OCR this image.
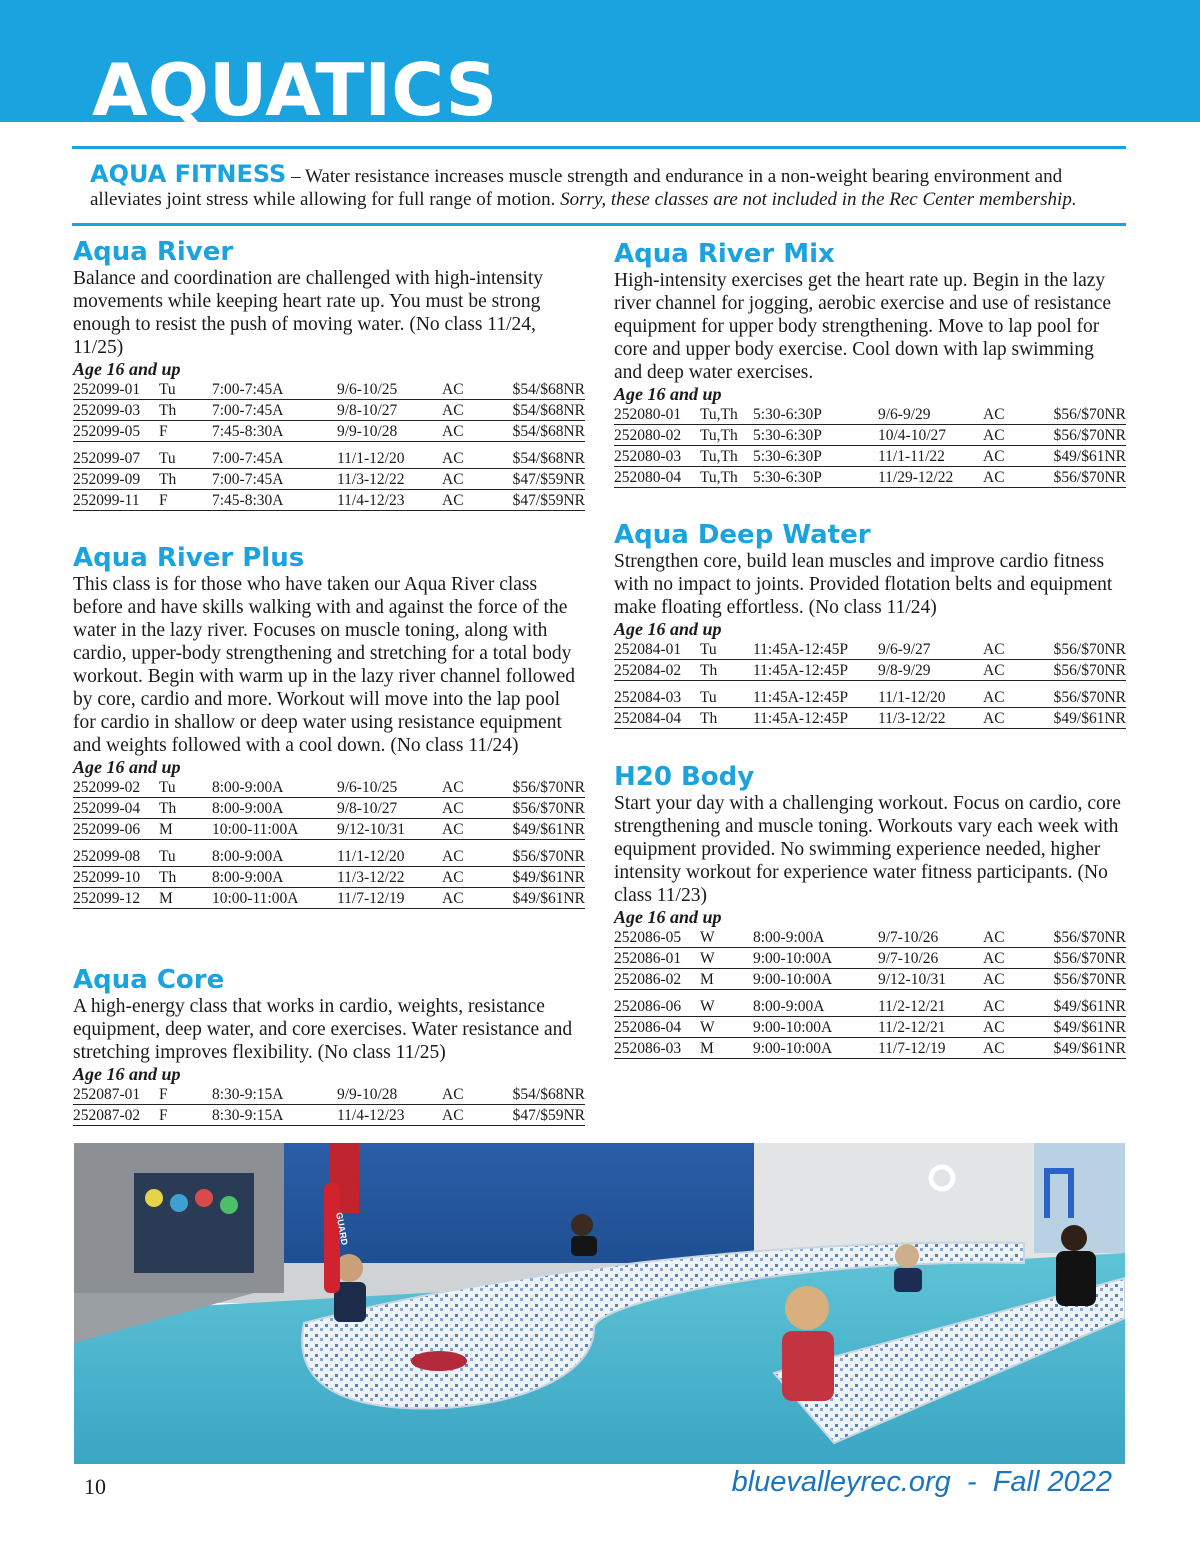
AQUATICS
AQUA FITNESS – Water resistance increases muscle strength and endurance in a non-weight bearing environment and alleviates joint stress while allowing for full range of motion. Sorry, these classes are not included in the Rec Center membership.
Aqua River

Balance and coordination are challenged with high-intensity movements while keeping heart rate up. You must be strong enough to resist the push of moving water. (No class 11/24, 11/25)

Age 16 and up
252099-01	Tu	7:00-7:45A	9/6-10/25	AC	$54/$68NR
252099-03	Th	7:00-7:45A	9/8-10/27	AC	$54/$68NR
252099-05	F	7:45-8:30A	9/9-10/28	AC	$54/$68NR
252099-07	Tu	7:00-7:45A	11/1-12/20	AC	$54/$68NR
252099-09	Th	7:00-7:45A	11/3-12/22	AC	$47/$59NR
252099-11	F	7:45-8:30A	11/4-12/23	AC	$47/$59NR
Aqua River Plus

This class is for those who have taken our Aqua River class before and have skills walking with and against the force of the water in the lazy river. Focuses on muscle toning, along with cardio, upper-body strengthening and stretching for a total body workout. Begin with warm up in the lazy river channel followed by core, cardio and more. Workout will move into the lap pool for cardio in shallow or deep water using resistance equipment and weights followed with a cool down. (No class 11/24)

Age 16 and up
252099-02	Tu	8:00-9:00A	9/6-10/25	AC	$56/$70NR
252099-04	Th	8:00-9:00A	9/8-10/27	AC	$56/$70NR
252099-06	M	10:00-11:00A	9/12-10/31	AC	$49/$61NR
252099-08	Tu	8:00-9:00A	11/1-12/20	AC	$56/$70NR
252099-10	Th	8:00-9:00A	11/3-12/22	AC	$49/$61NR
252099-12	M	10:00-11:00A	11/7-12/19	AC	$49/$61NR
Aqua Core

A high-energy class that works in cardio, weights, resistance equipment, deep water, and core exercises. Water resistance and stretching improves flexibility. (No class 11/25)

Age 16 and up
252087-01	F	8:30-9:15A	9/9-10/28	AC	$54/$68NR
252087-02	F	8:30-9:15A	11/4-12/23	AC	$47/$59NR
Aqua River Mix

High-intensity exercises get the heart rate up. Begin in the lazy river channel for jogging, aerobic exercise and use of resistance equipment for upper body strengthening. Move to lap pool for core and upper body exercise. Cool down with lap swimming and deep water exercises.

Age 16 and up
252080-01	Tu,Th	5:30-6:30P	9/6-9/29	AC	$56/$70NR
252080-02	Tu,Th	5:30-6:30P	10/4-10/27	AC	$56/$70NR
252080-03	Tu,Th	5:30-6:30P	11/1-11/22	AC	$49/$61NR
252080-04	Tu,Th	5:30-6:30P	11/29-12/22	AC	$56/$70NR
Aqua Deep Water

Strengthen core, build lean muscles and improve cardio fitness with no impact to joints. Provided flotation belts and equipment make floating effortless. (No class 11/24)

Age 16 and up
252084-01	Tu	11:45A-12:45P	9/6-9/27	AC	$56/$70NR
252084-02	Th	11:45A-12:45P	9/8-9/29	AC	$56/$70NR
252084-03	Tu	11:45A-12:45P	11/1-12/20	AC	$56/$70NR
252084-04	Th	11:45A-12:45P	11/3-12/22	AC	$49/$61NR
H20 Body

Start your day with a challenging workout. Focus on cardio, core strengthening and muscle toning. Workouts vary each week with equipment provided. No swimming experience needed, higher intensity workout for experience water fitness participants. (No class 11/23)

Age 16 and up
252086-05	W	8:00-9:00A	9/7-10/26	AC	$56/$70NR
252086-01	W	9:00-10:00A	9/7-10/26	AC	$56/$70NR
252086-02	M	9:00-10:00A	9/12-10/31	AC	$56/$70NR
252086-06	W	8:00-9:00A	11/2-12/21	AC	$49/$61NR
252086-04	W	9:00-10:00A	11/2-12/21	AC	$49/$61NR
252086-03	M	9:00-10:00A	11/7-12/19	AC	$49/$61NR
GUARD
10	bluevalleyrec.org  -  Fall 2022
